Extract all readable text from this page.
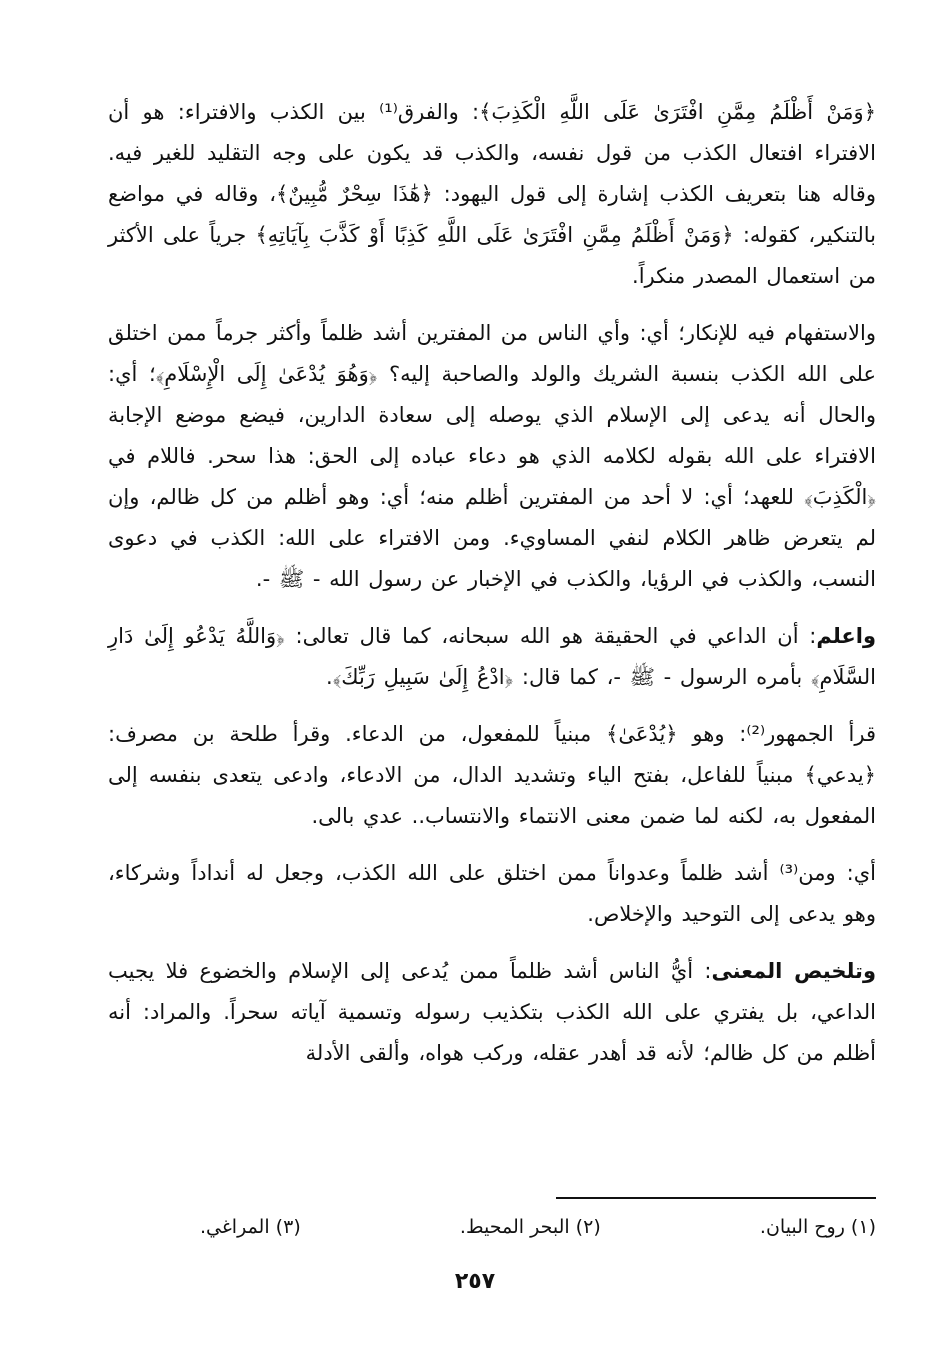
﴿وَمَنْ أَظْلَمُ مِمَّنِ افْتَرَىٰ عَلَى اللَّهِ الْكَذِبَ﴾: والفرق⁽¹⁾ بين الكذب والافتراء: هو أن الافتراء افتعال الكذب من قول نفسه، والكذب قد يكون على وجه التقليد للغير فيه. وقاله هنا بتعريف الكذب إشارة إلى قول اليهود: ﴿هَٰذَا سِحْرٌ مُّبِينٌ﴾، وقاله في مواضع بالتنكير، كقوله: ﴿وَمَنْ أَظْلَمُ مِمَّنِ افْتَرَىٰ عَلَى اللَّهِ كَذِبًا أَوْ كَذَّبَ بِآيَاتِهِ﴾ جرياً على الأكثر من استعمال المصدر منكراً.

والاستفهام فيه للإنكار؛ أي: وأي الناس من المفترين أشد ظلماً وأكثر جرماً ممن اختلق على الله الكذب بنسبة الشريك والولد والصاحبة إليه؟ ﴿وَهُوَ يُدْعَىٰ إِلَى الْإِسْلَامِ﴾؛ أي: والحال أنه يدعى إلى الإسلام الذي يوصله إلى سعادة الدارين، فيضع موضع الإجابة الافتراء على الله بقوله لكلامه الذي هو دعاء عباده إلى الحق: هذا سحر. فاللام في ﴿الْكَذِبَ﴾ للعهد؛ أي: لا أحد من المفترين أظلم منه؛ أي: وهو أظلم من كل ظالم، وإن لم يتعرض ظاهر الكلام لنفي المساويء. ومن الافتراء على الله: الكذب في دعوى النسب، والكذب في الرؤيا، والكذب في الإخبار عن رسول الله - ﷺ -.

واعلم: أن الداعي في الحقيقة هو الله سبحانه، كما قال تعالى: ﴿وَاللَّهُ يَدْعُو إِلَىٰ دَارِ السَّلَامِ﴾ بأمره الرسول - ﷺ -، كما قال: ﴿ادْعُ إِلَىٰ سَبِيلِ رَبِّكَ﴾.

قرأ الجمهور⁽²⁾: وهو ﴿يُدْعَىٰ﴾ مبنياً للمفعول، من الدعاء. وقرأ طلحة بن مصرف: ﴿يدعي﴾ مبنياً للفاعل، بفتح الياء وتشديد الدال، من الادعاء، وادعى يتعدى بنفسه إلى المفعول به، لكنه لما ضمن معنى الانتماء والانتساب.. عدي بالى.

أي: ومن⁽³⁾ أشد ظلماً وعدواناً ممن اختلق على الله الكذب، وجعل له أنداداً وشركاء، وهو يدعى إلى التوحيد والإخلاص.

وتلخيص المعنى: أيُّ الناس أشد ظلماً ممن يُدعى إلى الإسلام والخضوع فلا يجيب الداعي، بل يفتري على الله الكذب بتكذيب رسوله وتسمية آياته سحراً. والمراد: أنه أظلم من كل ظالم؛ لأنه قد أهدر عقله، وركب هواه، وألقى الأدلة

(١) روح البيان.
(٢) البحر المحيط.
(٣) المراغي.
٢٥٧
